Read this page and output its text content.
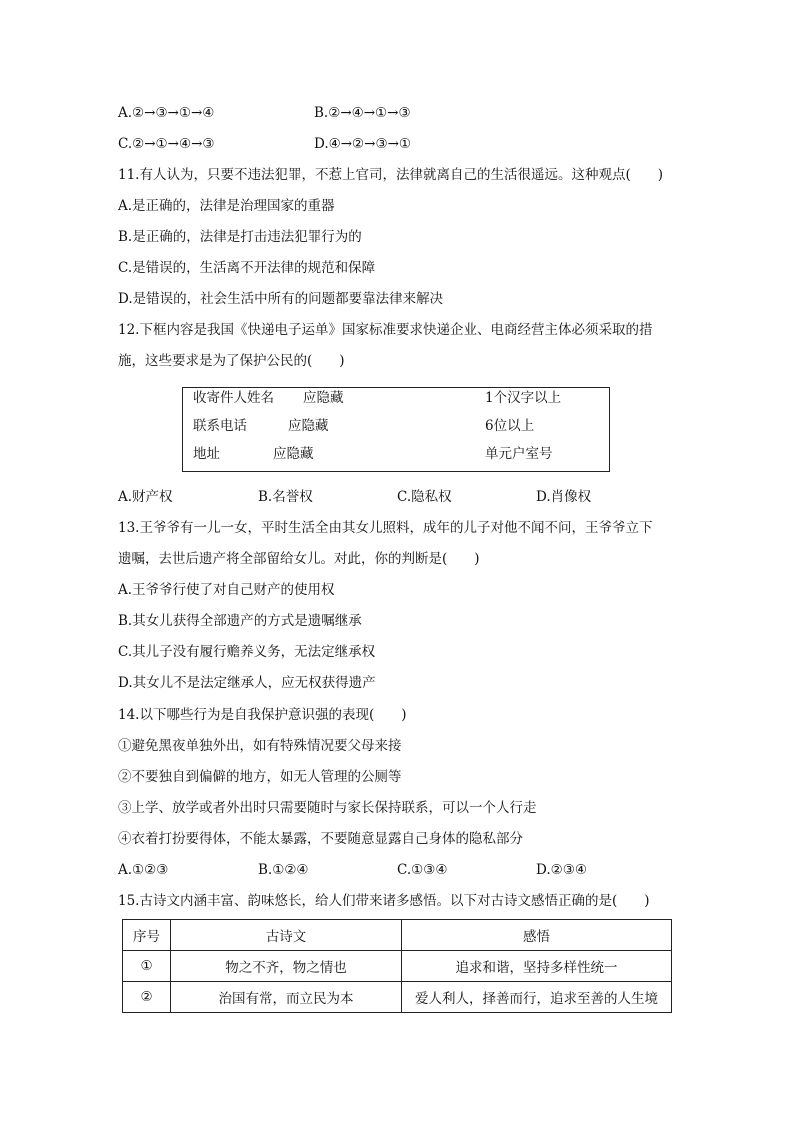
A.②→③→①→④	B.②→④→①→③
C.②→①→④→③	D.④→②→③→①
11.有人认为，只要不违法犯罪，不惹上官司，法律就离自己的生活很遥远。这种观点(　　)
A.是正确的，法律是治理国家的重器
B.是正确的，法律是打击违法犯罪行为的
C.是错误的，生活离不开法律的规范和保障
D.是错误的，社会生活中所有的问题都要靠法律来解决
12.下框内容是我国《快递电子运单》国家标准要求快递企业、电商经营主体必须采取的措
施，这些要求是为了保护公民的(　　)
收寄件人姓名 应隐藏	1个汉字以上
联系电话	应隐藏	6位以上
地址	应隐藏	单元户室号
A.财产权	B.名誉权	C.隐私权	D.肖像权
13.王爷爷有一儿一女，平时生活全由其女儿照料，成年的儿子对他不闻不问，王爷爷立下
遗嘱，去世后遗产将全部留给女儿。对此，你的判断是(　　)
A.王爷爷行使了对自己财产的使用权
B.其女儿获得全部遗产的方式是遗嘱继承
C.其儿子没有履行赡养义务，无法定继承权
D.其女儿不是法定继承人，应无权获得遗产
14.以下哪些行为是自我保护意识强的表现(　　)
①避免黑夜单独外出，如有特殊情况要父母来接
②不要独自到偏僻的地方，如无人管理的公厕等
③上学、放学或者外出时只需要随时与家长保持联系，可以一个人行走
④衣着打扮要得体，不能太暴露，不要随意显露自己身体的隐私部分
A.①②③	B.①②④	C.①③④	D.②③④
15.古诗文内涵丰富、韵味悠长，给人们带来诸多感悟。以下对古诗文感悟正确的是(　　)
序号	古诗文	感悟
①	物之不齐，物之情也	追求和谐，坚持多样性统一
②	治国有常，而立民为本	爱人利人，择善而行，追求至善的人生境
